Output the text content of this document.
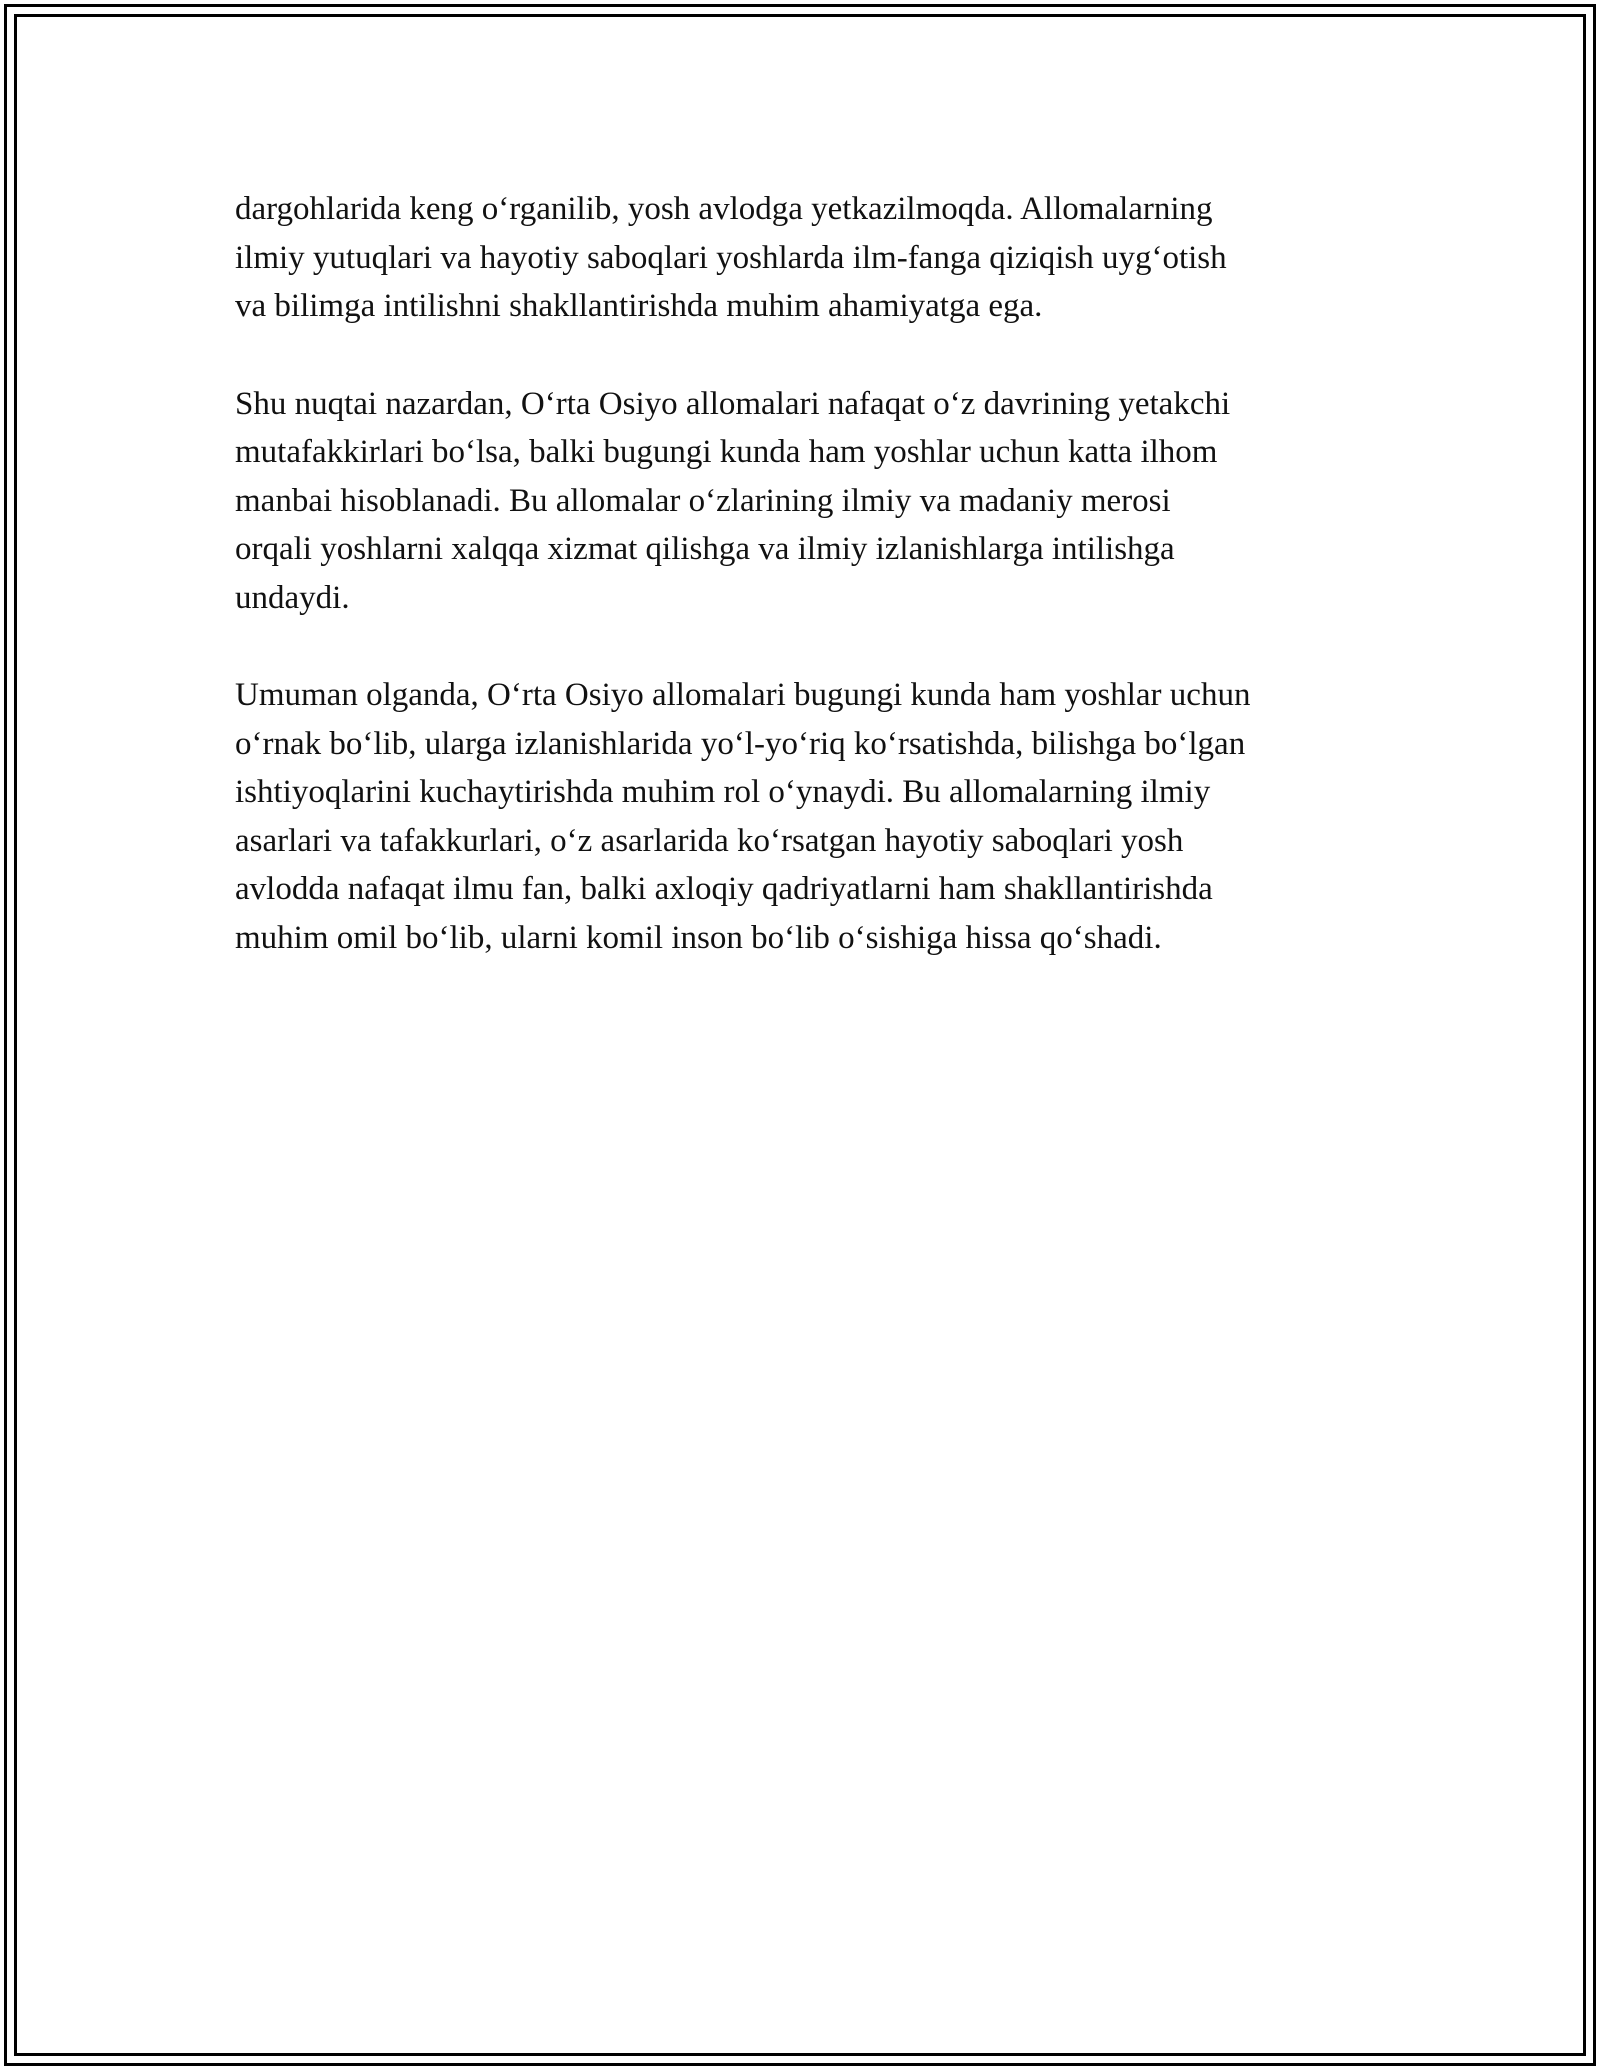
dargohlarida keng o‘rganilib, yosh avlodga yetkazilmoqda. Allomalarning
ilmiy yutuqlari va hayotiy saboqlari yoshlarda ilm-fanga qiziqish uyg‘otish
va bilimga intilishni shakllantirishda muhim ahamiyatga ega.

Shu nuqtai nazardan, O‘rta Osiyo allomalari nafaqat o‘z davrining yetakchi
mutafakkirlari bo‘lsa, balki bugungi kunda ham yoshlar uchun katta ilhom
manbai hisoblanadi. Bu allomalar o‘zlarining ilmiy va madaniy merosi
orqali yoshlarni xalqqa xizmat qilishga va ilmiy izlanishlarga intilishga
undaydi.

Umuman olganda, O‘rta Osiyo allomalari bugungi kunda ham yoshlar uchun
o‘rnak bo‘lib, ularga izlanishlarida yo‘l-yo‘riq ko‘rsatishda, bilishga bo‘lgan
ishtiyoqlarini kuchaytirishda muhim rol o‘ynaydi. Bu allomalarning ilmiy
asarlari va tafakkurlari, o‘z asarlarida ko‘rsatgan hayotiy saboqlari yosh
avlodda nafaqat ilmu fan, balki axloqiy qadriyatlarni ham shakllantirishda
muhim omil bo‘lib, ularni komil inson bo‘lib o‘sishiga hissa qo‘shadi.
